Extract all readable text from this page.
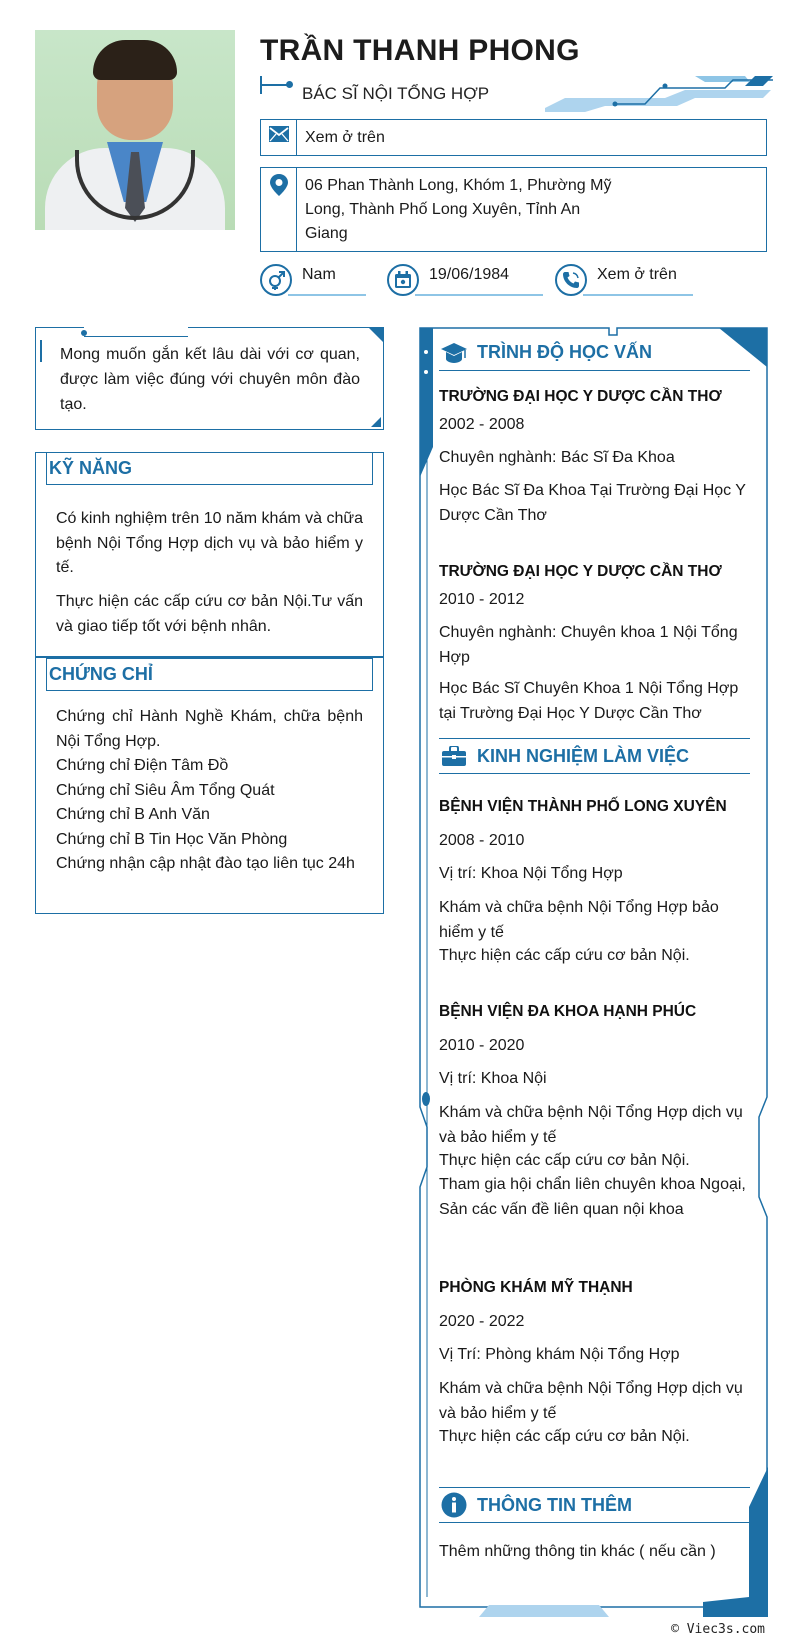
TRẦN THANH PHONG
BÁC SĨ NỘI TỔNG HỢP
Xem ở trên
06 Phan Thành Long, Khóm 1, Phường Mỹ Long, Thành Phố Long Xuyên, Tỉnh An Giang
Nam	19/06/1984	Xem ở trên
Mong muốn gắn kết lâu dài với cơ quan, được làm việc đúng với chuyên môn đào tạo.
KỸ NĂNG
Có kinh nghiệm trên 10 năm khám và chữa bệnh Nội Tổng Hợp dịch vụ và bảo hiểm y tế.
Thực hiện các cấp cứu cơ bản Nội.Tư vấn và giao tiếp tốt với bệnh nhân.
CHỨNG CHỈ
Chứng chỉ Hành Nghề Khám, chữa bệnh Nội Tổng Hợp.
Chứng chỉ Điện Tâm Đồ
Chứng chỉ Siêu Âm Tổng Quát
Chứng chỉ B Anh Văn
Chứng chỉ B Tin Học Văn Phòng
Chứng nhận cập nhật đào tạo liên tục 24h
TRÌNH ĐỘ HỌC VẤN
TRƯỜNG ĐẠI HỌC Y DƯỢC CẦN THƠ
2002 - 2008
Chuyên nghành: Bác Sĩ Đa Khoa
Học Bác Sĩ Đa Khoa Tại Trường Đại Học Y Dược Cần Thơ
TRƯỜNG ĐẠI HỌC Y DƯỢC CẦN THƠ
2010 - 2012
Chuyên nghành: Chuyên khoa 1 Nội Tổng Hợp
Học Bác Sĩ Chuyên Khoa 1 Nội Tổng Hợp tại Trường Đại Học Y Dược Cần Thơ
KINH NGHIỆM LÀM VIỆC
BỆNH VIỆN THÀNH PHỐ LONG XUYÊN
2008 - 2010
Vị trí: Khoa Nội Tổng Hợp
Khám và chữa bệnh Nội Tổng Hợp bảo hiểm y tế
Thực hiện các cấp cứu cơ bản Nội.
BỆNH VIỆN ĐA KHOA HẠNH PHÚC
2010 - 2020
Vị trí: Khoa Nội
Khám và chữa bệnh Nội Tổng Hợp dịch vụ và bảo hiểm y tế
Thực hiện các cấp cứu cơ bản Nội.
Tham gia hội chẩn liên chuyên khoa Ngoại, Sản các vấn đề liên quan nội khoa
PHÒNG KHÁM MỸ THẠNH
2020 - 2022
Vị Trí: Phòng khám Nội Tổng Hợp
Khám và chữa bệnh Nội Tổng Hợp dịch vụ và bảo hiểm y tế
Thực hiện các cấp cứu cơ bản Nội.
THÔNG TIN THÊM
Thêm những thông tin khác ( nếu cần )
© Viec3s.com
